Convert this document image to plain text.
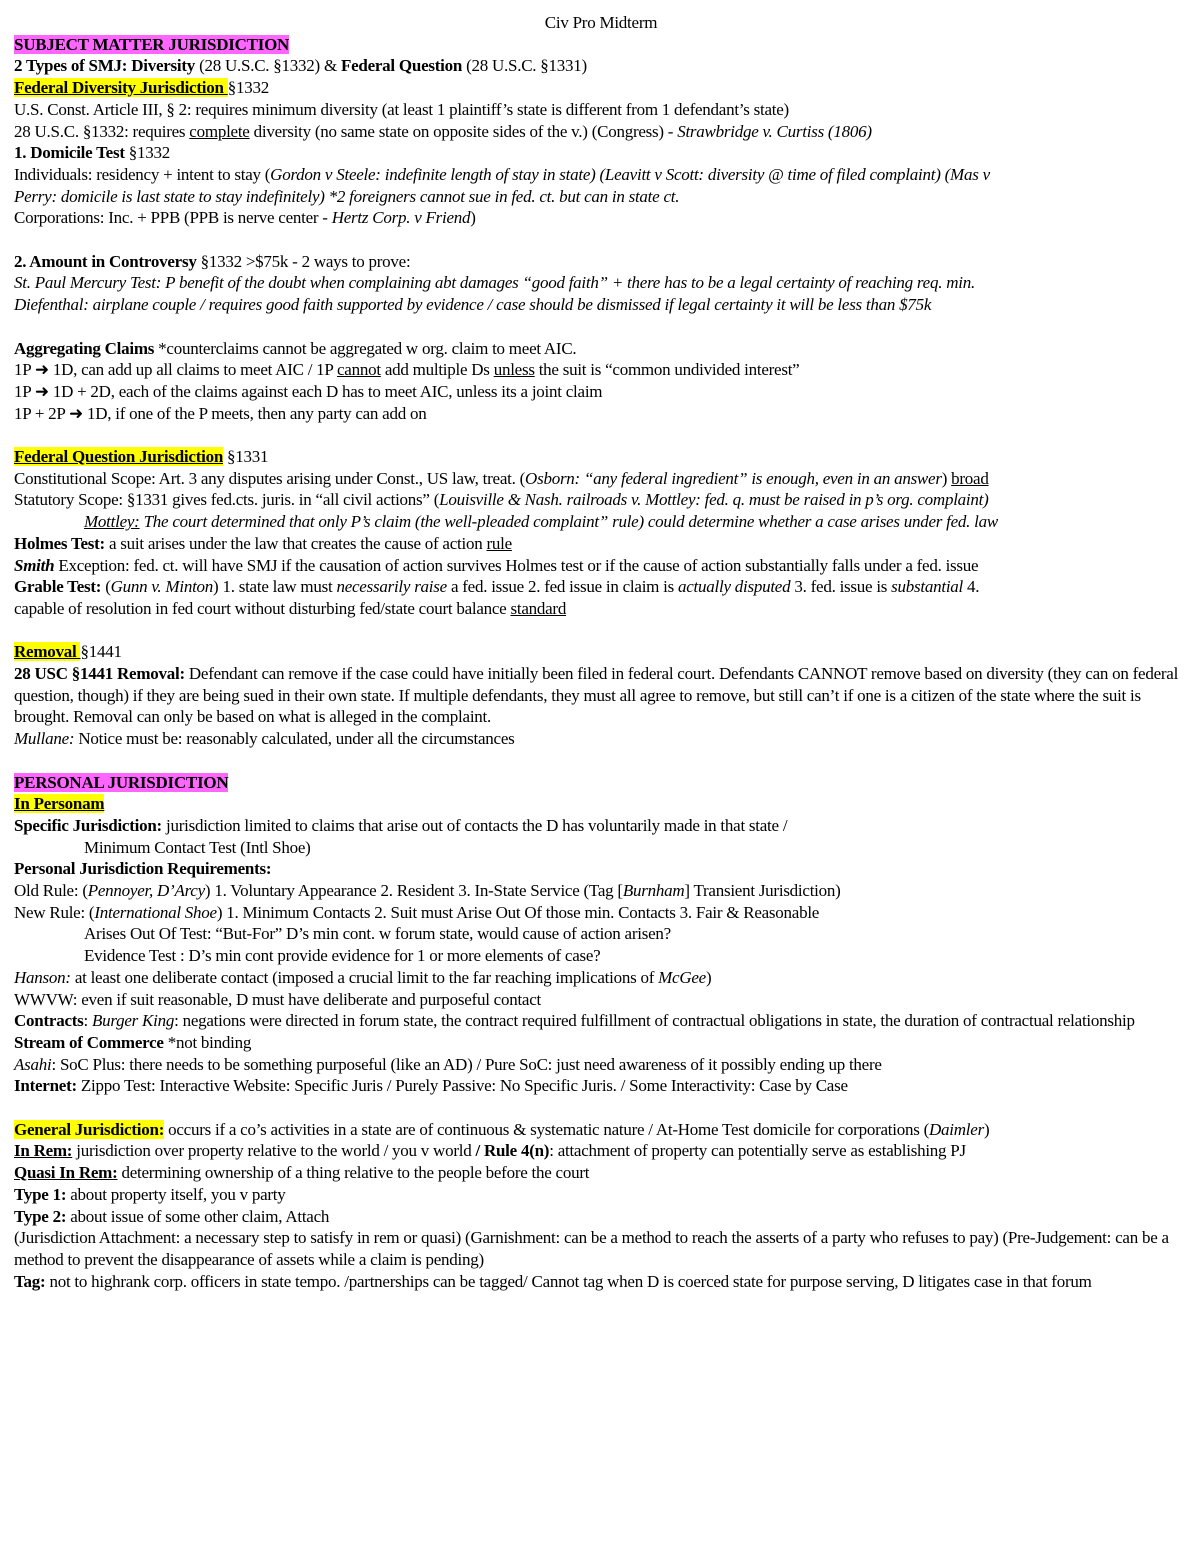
Civ Pro Midterm
SUBJECT MATTER JURISDICTION
2 Types of SMJ: Diversity (28 U.S.C. §1332) & Federal Question (28 U.S.C. §1331)
Federal Diversity Jurisdiction §1332
U.S. Const. Article III, § 2: requires minimum diversity (at least 1 plaintiff’s state is different from 1 defendant’s state)
28 U.S.C. §1332: requires complete diversity (no same state on opposite sides of the v.) (Congress) - Strawbridge v. Curtiss (1806)
1. Domicile Test §1332
Individuals: residency + intent to stay (Gordon v Steele: indefinite length of stay in state) (Leavitt v Scott: diversity @ time of filed complaint) (Mas v
Perry: domicile is last state to stay indefinitely) *2 foreigners cannot sue in fed. ct. but can in state ct.
Corporations: Inc. + PPB (PPB is nerve center - Hertz Corp. v Friend)
2. Amount in Controversy §1332 >$75k - 2 ways to prove:
St. Paul Mercury Test: P benefit of the doubt when complaining abt damages “good faith” + there has to be a legal certainty of reaching req. min.
Diefenthal: airplane couple / requires good faith supported by evidence / case should be dismissed if legal certainty it will be less than $75k
Aggregating Claims *counterclaims cannot be aggregated w org. claim to meet AIC.
1P ➜ 1D, can add up all claims to meet AIC / 1P cannot add multiple Ds unless the suit is “common undivided interest”
1P ➜ 1D + 2D, each of the claims against each D has to meet AIC, unless its a joint claim
1P + 2P ➜ 1D, if one of the P meets, then any party can add on
Federal Question Jurisdiction §1331
Constitutional Scope: Art. 3 any disputes arising under Const., US law, treat. (Osborn: “any federal ingredient” is enough, even in an answer) broad
Statutory Scope: §1331 gives fed.cts. juris. in “all civil actions” (Louisville & Nash. railroads v. Mottley: fed. q. must be raised in p’s org. complaint)
Mottley: The court determined that only P’s claim (the well-pleaded complaint” rule) could determine whether a case arises under fed. law
Holmes Test: a suit arises under the law that creates the cause of action rule
Smith Exception: fed. ct. will have SMJ if the causation of action survives Holmes test or if the cause of action substantially falls under a fed. issue
Grable Test: (Gunn v. Minton) 1. state law must necessarily raise a fed. issue 2. fed issue in claim is actually disputed 3. fed. issue is substantial 4.
capable of resolution in fed court without disturbing fed/state court balance standard
Removal §1441
28 USC §1441 Removal: Defendant can remove if the case could have initially been filed in federal court. Defendants CANNOT remove based on diversity (they can on federal question, though) if they are being sued in their own state. If multiple defendants, they must all agree to remove, but still can’t if one is a citizen of the state where the suit is brought. Removal can only be based on what is alleged in the complaint.
Mullane: Notice must be: reasonably calculated, under all the circumstances
PERSONAL JURISDICTION
In Personam
Specific Jurisdiction: jurisdiction limited to claims that arise out of contacts the D has voluntarily made in that state /
Minimum Contact Test (Intl Shoe)
Personal Jurisdiction Requirements:
Old Rule: (Pennoyer, D’Arcy) 1. Voluntary Appearance 2. Resident 3. In-State Service (Tag [Burnham] Transient Jurisdiction)
New Rule: (International Shoe) 1. Minimum Contacts 2. Suit must Arise Out Of those min. Contacts 3. Fair & Reasonable
Arises Out Of Test: “But-For” D’s min cont. w forum state, would cause of action arisen?
Evidence Test : D’s min cont provide evidence for 1 or more elements of case?
Hanson: at least one deliberate contact (imposed a crucial limit to the far reaching implications of McGee)
WWVW: even if suit reasonable, D must have deliberate and purposeful contact
Contracts: Burger King: negations were directed in forum state, the contract required fulfillment of contractual obligations in state, the duration of contractual relationship
Stream of Commerce *not binding
Asahi: SoC Plus: there needs to be something purposeful (like an AD) / Pure SoC: just need awareness of it possibly ending up there
Internet: Zippo Test: Interactive Website: Specific Juris / Purely Passive: No Specific Juris. / Some Interactivity: Case by Case
General Jurisdiction: occurs if a co’s activities in a state are of continuous & systematic nature / At-Home Test domicile for corporations (Daimler)
In Rem: jurisdiction over property relative to the world / you v world / Rule 4(n): attachment of property can potentially serve as establishing PJ
Quasi In Rem: determining ownership of a thing relative to the people before the court
Type 1: about property itself, you v party
Type 2: about issue of some other claim, Attach
(Jurisdiction Attachment: a necessary step to satisfy in rem or quasi) (Garnishment: can be a method to reach the asserts of a party who refuses to pay) (Pre-Judgement: can be a method to prevent the disappearance of assets while a claim is pending)
Tag: not to highrank corp. officers in state tempo. /partnerships can be tagged/ Cannot tag when D is coerced state for purpose serving, D litigates case in that forum
